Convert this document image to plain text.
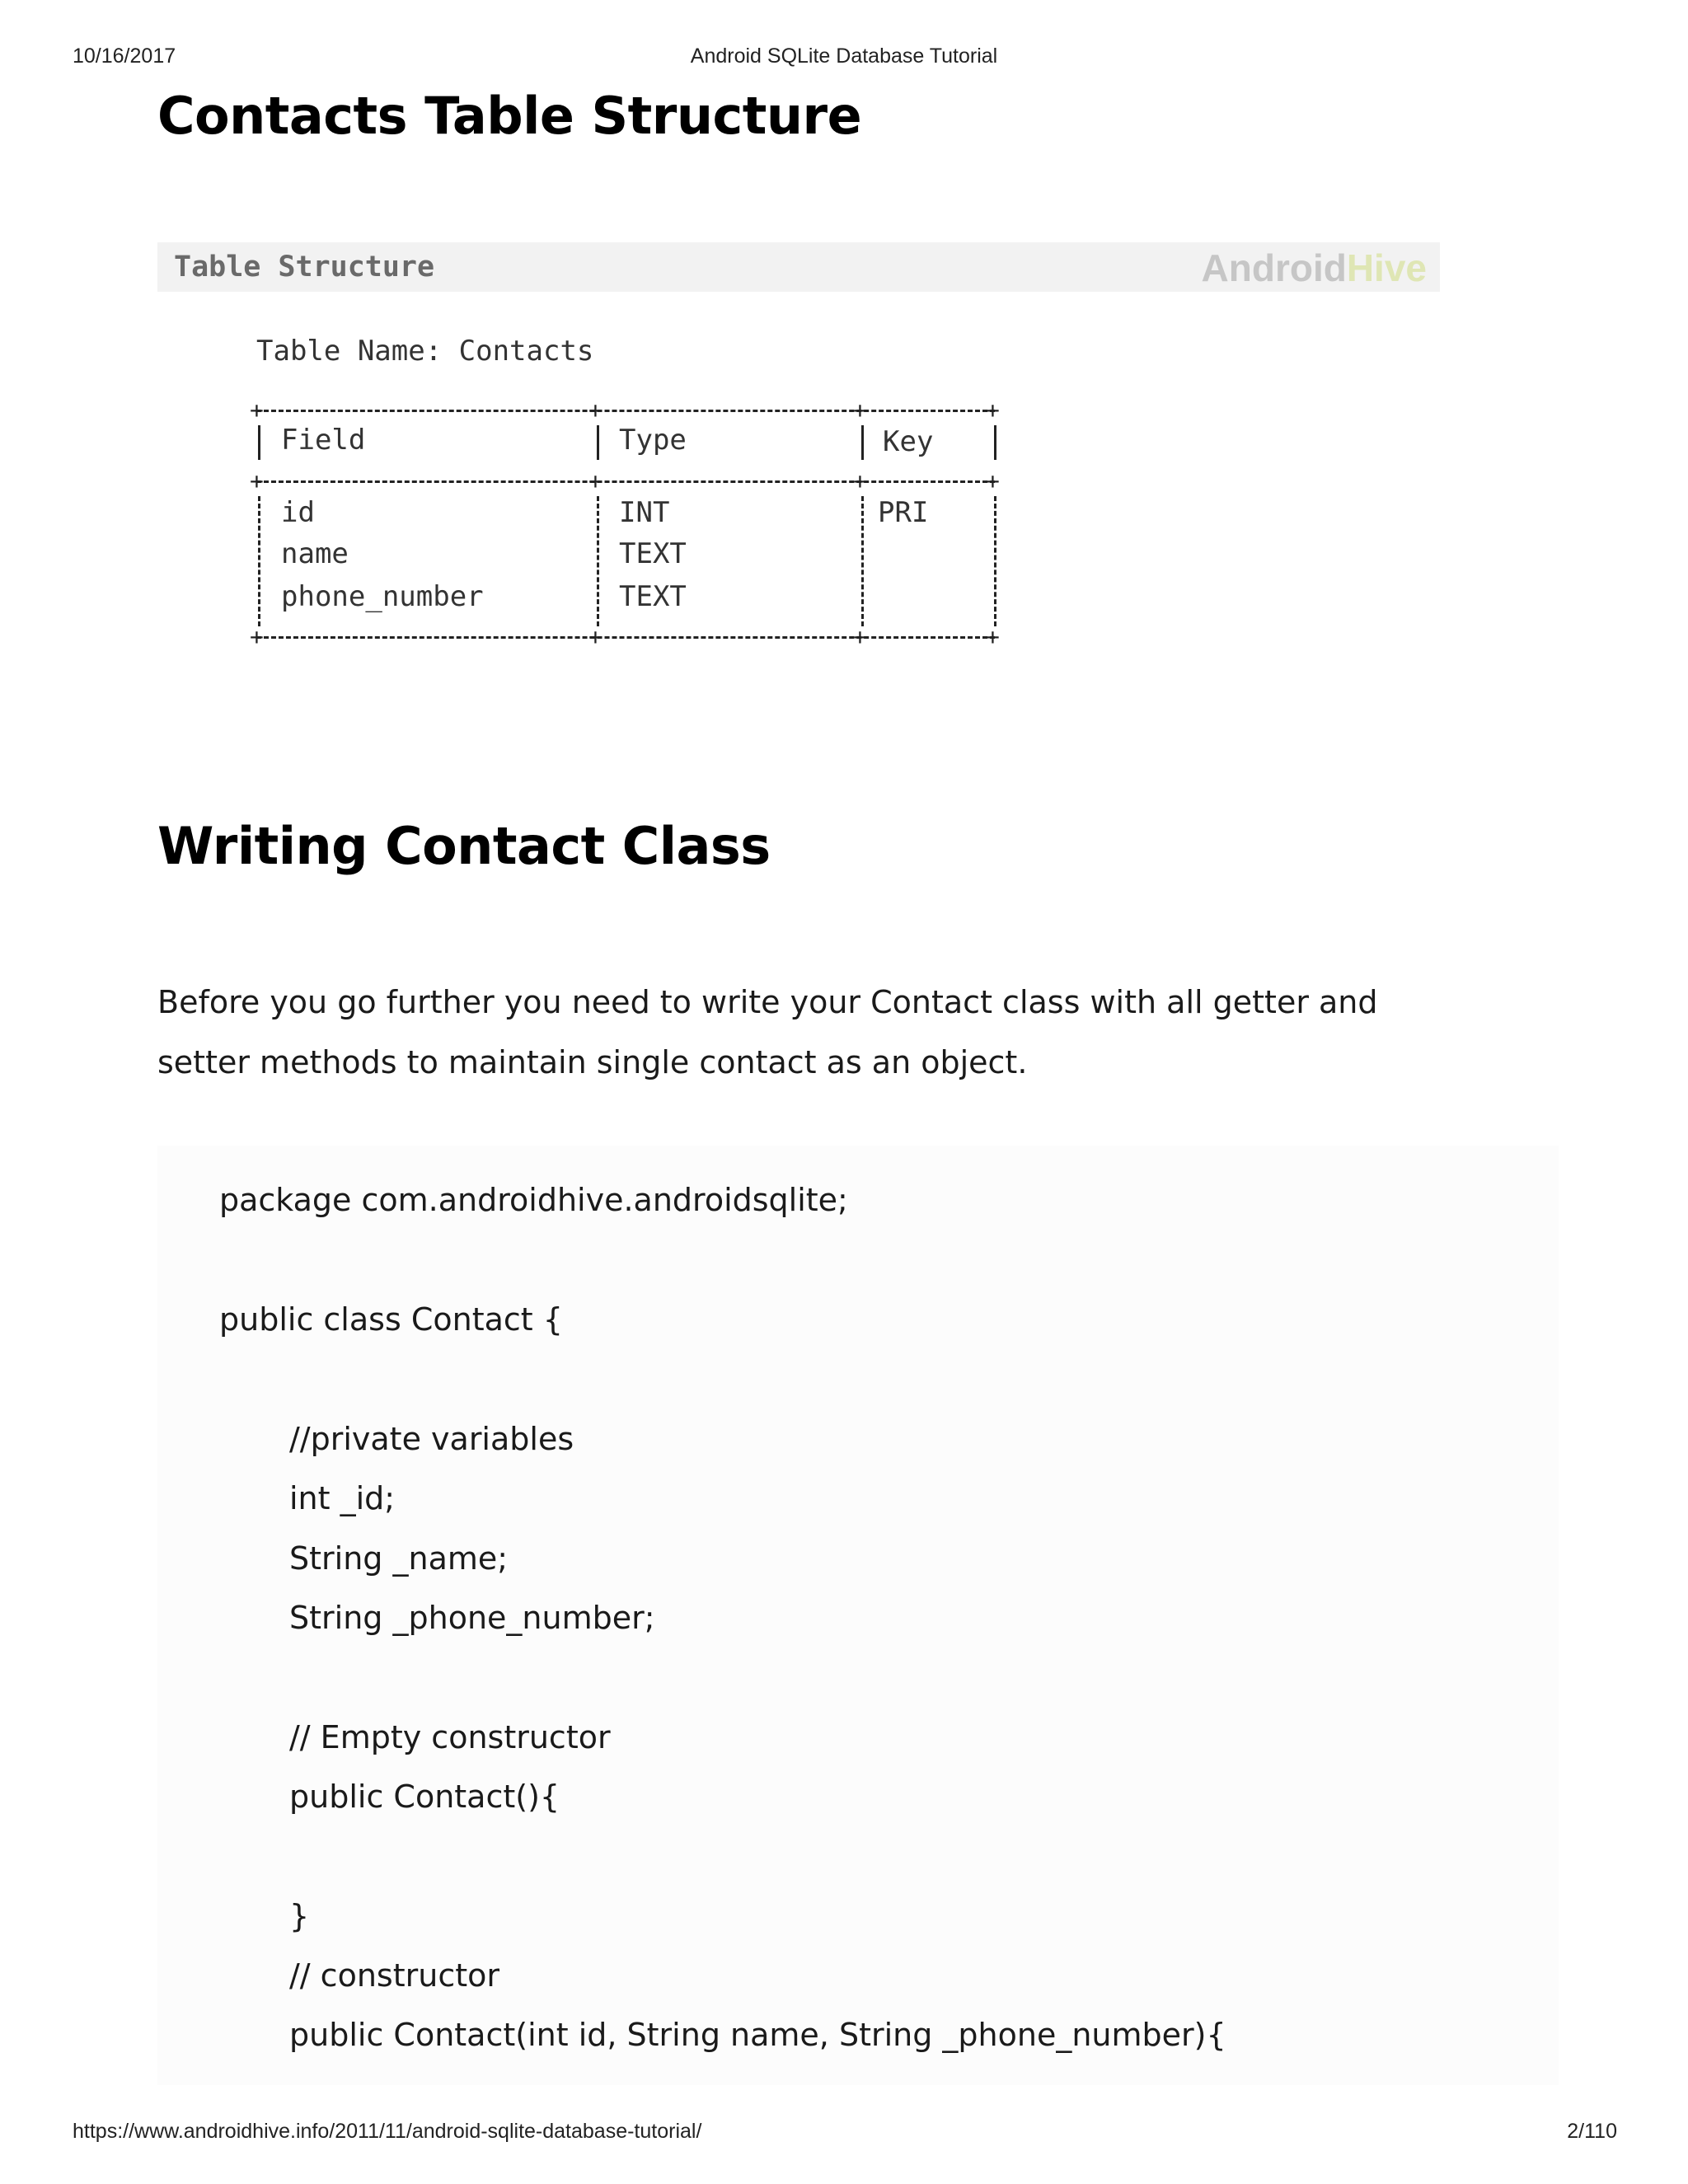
10/16/2017	Android SQLite Database Tutorial
Contacts Table Structure
Table Structure	AndroidHive
Table Name: Contacts
+	+	+	+
+	+	+	+
+	+	+	+
Field	Type	Key
id	INT	PRI
name	TEXT
phone_number	TEXT
Writing Contact Class

Before you go further you need to write your Contact class with all getter and setter methods to maintain single contact as an object.

package com.androidhive.androidsqlite;
public class Contact {
//private variables
int _id;
String _name;
String _phone_number;
// Empty constructor
public Contact(){
}
// constructor
public Contact(int id, String name, String _phone_number){
https://www.androidhive.info/2011/11/android-sqlite-database-tutorial/	2/110
